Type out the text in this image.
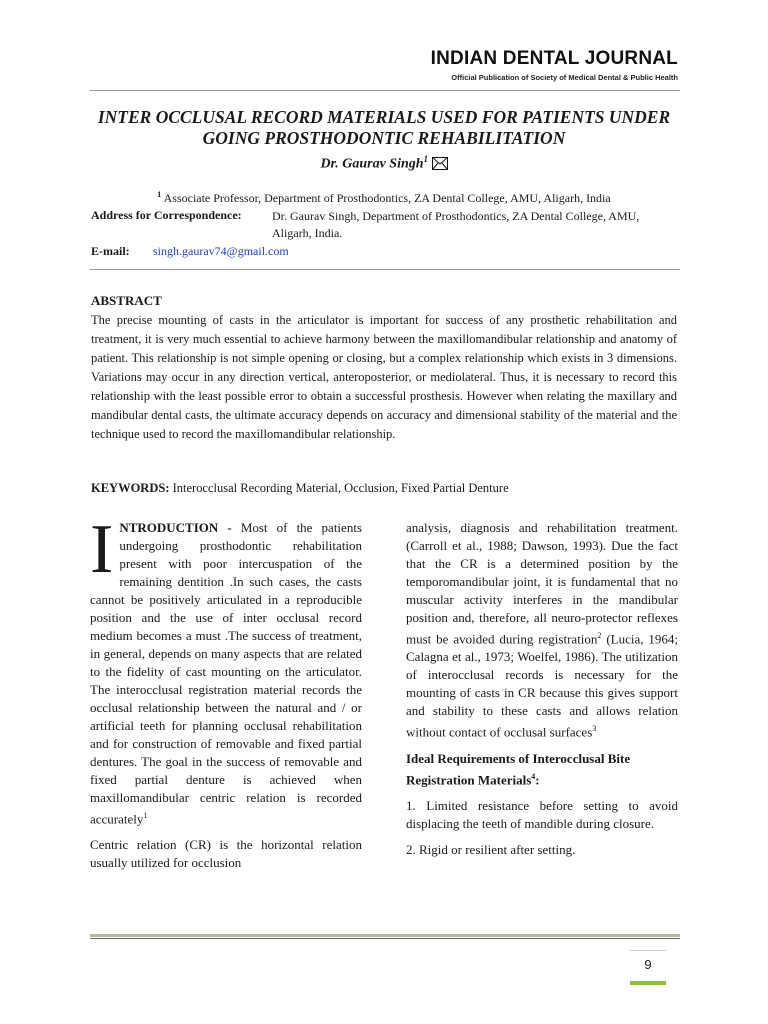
INDIAN DENTAL JOURNAL
Official Publication of Society of Medical Dental & Public Health
INTER OCCLUSAL RECORD MATERIALS USED FOR PATIENTS UNDER
GOING PROSTHODONTIC REHABILITATION
Dr. Gaurav Singh$^1$
$^1$ Associate Professor, Department of Prosthodontics, ZA Dental College, AMU, Aligarh, India
Address for Correspondence:	Dr. Gaurav Singh, Department of Prosthodontics, ZA Dental College, AMU,
Aligarh, India.
E-mail: singh.gaurav74@gmail.com
ABSTRACT
The precise mounting of casts in the articulator is important for success of any prosthetic rehabilitation and treatment, it is very much essential to achieve harmony between the maxillomandibular relationship and anatomy of patient. This relationship is not simple opening or closing, but a complex relationship which exists in 3 dimensions. Variations may occur in any direction vertical, anteroposterior, or mediolateral. Thus, it is necessary to record this relationship with the least possible error to obtain a successful prosthesis. However when relating the maxillary and mandibular dental casts, the ultimate accuracy depends on accuracy and dimensional stability of the material and the technique used to record the maxillomandibular relationship.
KEYWORDS: Interocclusal Recording Material, Occlusion, Fixed Partial Denture

INTRODUCTION - Most of the patients undergoing prosthodontic rehabilitation present with poor intercuspation of the remaining dentition .In such cases, the casts cannot be positively articulated in a reproducible position and the use of inter occlusal record medium becomes a must .The success of treatment, in general, depends on many aspects that are related to the fidelity of cast mounting on the articulator. The interocclusal registration material records the occlusal relationship between the natural and / or artificial teeth for planning occlusal rehabilitation and for construction of removable and fixed partial dentures. The goal in the success of removable and fixed partial denture is achieved when maxillomandibular centric relation is recorded accurately$^1$

Centric relation (CR) is the horizontal relation usually utilized for occlusion

analysis, diagnosis and rehabilitation treatment.(Carroll et al., 1988; Dawson, 1993). Due the fact that the CR is a determined position by the temporomandibular joint, it is fundamental that no muscular activity interferes in the mandibular position and, therefore, all neuro-protector reflexes must be avoided during registration$^2$ (Lucia, 1964; Calagna et al., 1973; Woelfel, 1986). The utilization of interocclusal records is necessary for the mounting of casts in CR because this gives support and stability to these casts and allows relation without contact of occlusal surfaces$^3$

Ideal Requirements of Interocclusal Bite Registration Materials$^4$:

1. Limited resistance before setting to avoid displacing the teeth of mandible during closure.

2. Rigid or resilient after setting.

9
